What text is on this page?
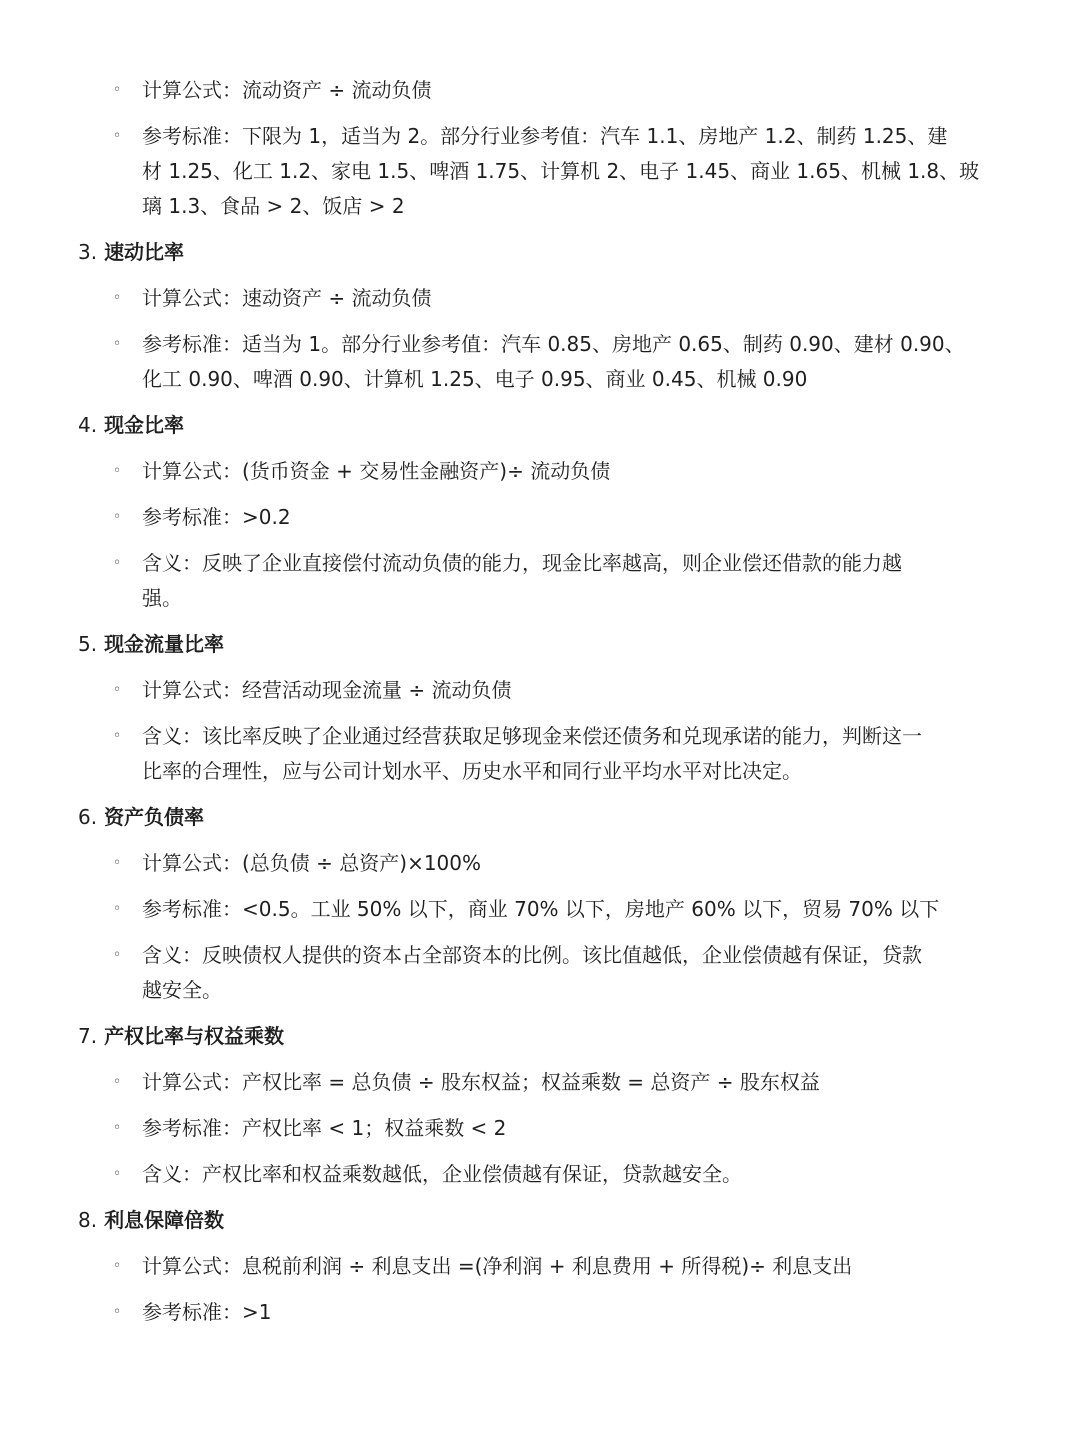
◦ 计算公式：流动资产 ÷ 流动负债
◦ 参考标准：下限为 1，适当为 2。部分行业参考值：汽车 1.1、房地产 1.2、制药 1.25、建
材 1.25、化工 1.2、家电 1.5、啤酒 1.75、计算机 2、电子 1.45、商业 1.65、机械 1.8、玻
璃 1.3、食品 > 2、饭店 > 2
3. 速动比率
◦ 计算公式：速动资产 ÷ 流动负债
◦ 参考标准：适当为 1。部分行业参考值：汽车 0.85、房地产 0.65、制药 0.90、建材 0.90、
化工 0.90、啤酒 0.90、计算机 1.25、电子 0.95、商业 0.45、机械 0.90
4. 现金比率
◦ 计算公式：(货币资金 + 交易性金融资产)÷ 流动负债
◦ 参考标准：>0.2
◦ 含义：反映了企业直接偿付流动负债的能力，现金比率越高，则企业偿还借款的能力越
强。
5. 现金流量比率
◦ 计算公式：经营活动现金流量 ÷ 流动负债
◦ 含义：该比率反映了企业通过经营获取足够现金来偿还债务和兑现承诺的能力，判断这一
比率的合理性，应与公司计划水平、历史水平和同行业平均水平对比决定。
6. 资产负债率
◦ 计算公式：(总负债 ÷ 总资产)×100%
◦ 参考标准：<0.5。工业 50% 以下，商业 70% 以下，房地产 60% 以下，贸易 70% 以下
◦ 含义：反映债权人提供的资本占全部资本的比例。该比值越低，企业偿债越有保证，贷款
越安全。
7. 产权比率与权益乘数
◦ 计算公式：产权比率 = 总负债 ÷ 股东权益；权益乘数 = 总资产 ÷ 股东权益
◦ 参考标准：产权比率 < 1；权益乘数 < 2
◦ 含义：产权比率和权益乘数越低，企业偿债越有保证，贷款越安全。
8. 利息保障倍数
◦ 计算公式：息税前利润 ÷ 利息支出 =(净利润 + 利息费用 + 所得税)÷ 利息支出
◦ 参考标准：>1
